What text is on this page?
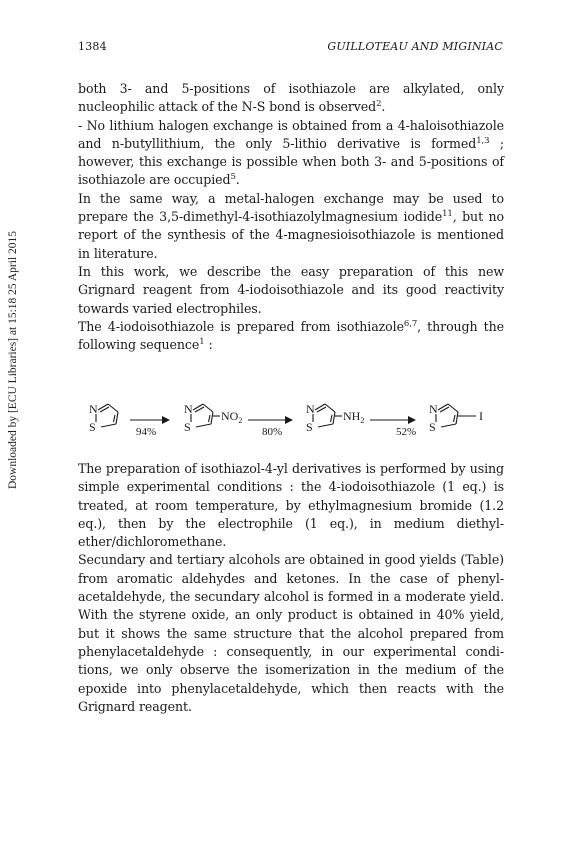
Downloaded by [ECU Libraries] at 15:18 25 April 2015
1384	GUILLOTEAU AND MIGINIAC

both 3- and 5-positions of isothiazole are alkylated, only nucleophilic attack of the N-S bond is observed$^2$.

- No lithium halogen exchange is obtained from a 4-haloisothiazole and n-butyllithium, the only 5-lithio derivative is formed$^{1,3}$ ; however, this exchange is possible when both 3- and 5-positions of isothiazole are occupied$^5$.

In the same way, a metal-halogen exchange may be used to prepare the 3,5-dimethyl-4-isothiazolylmagnesium iodide$^{11}$, but no report of the synthesis of the 4-magnesioisothiazole is mentioned in literature.

In this work, we describe the easy preparation of this new Grignard reagent from 4-iodoisothiazole and its good reactivity towards varied electrophiles.

The 4-iodoisothiazole is prepared from isothiazole$^{6,7}$, through the following sequence$^1$ :

N
S	94%
N
S
$NO_2$
80%
N
S
$NH_2$
52%
N
S
I

The preparation of isothiazol-4-yl derivatives is performed by using simple experimental conditions : the 4-iodoisothiazole (1 eq.) is treated, at room temperature, by ethylmagnesium bromide (1.2 eq.), then by the electrophile (1 eq.), in medium diethyl-ether/dichloromethane.

Secundary and tertiary alcohols are obtained in good yields (Table) from aromatic aldehydes and ketones. In the case of phenyl-acetaldehyde, the secundary alcohol is formed in a moderate yield. With the styrene oxide, an only product is obtained in 40% yield, but it shows the same structure that the alcohol prepared from phenylacetaldehyde : consequently, in our experimental condi-tions, we only observe the isomerization in the medium of the epoxide into phenylacetaldehyde, which then reacts with the Grignard reagent.
